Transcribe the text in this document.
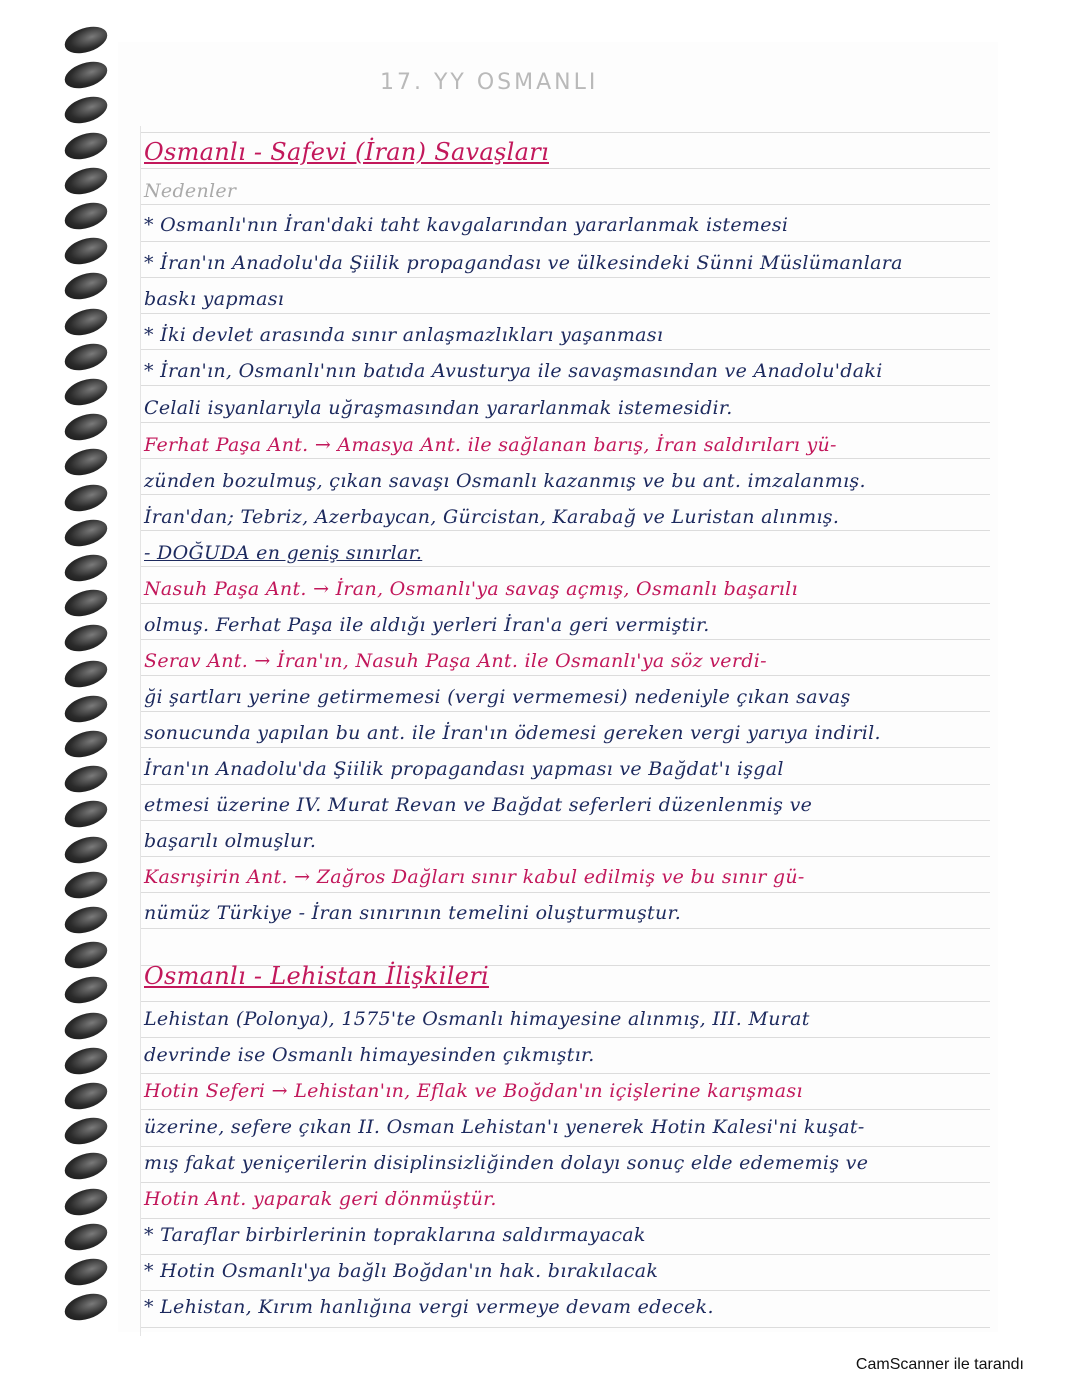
17. YY OSMANLI
Osmanlı - Safevi (İran) Savaşları
Nedenler
* Osmanlı'nın İran'daki taht kavgalarından yararlanmak istemesi
* İran'ın Anadolu'da Şiilik propagandası ve ülkesindeki Sünni Müslümanlara
baskı yapması
* İki devlet arasında sınır anlaşmazlıkları yaşanması
* İran'ın, Osmanlı'nın batıda Avusturya ile savaşmasından ve Anadolu'daki
Celali isyanlarıyla uğraşmasından yararlanmak istemesidir.
Ferhat Paşa Ant. → Amasya Ant. ile sağlanan barış, İran saldırıları yü-
zünden bozulmuş, çıkan savaşı Osmanlı kazanmış ve bu ant. imzalanmış.
İran'dan; Tebriz, Azerbaycan, Gürcistan, Karabağ ve Luristan alınmış.
- DOĞUDA en geniş sınırlar.
Nasuh Paşa Ant. → İran, Osmanlı'ya savaş açmış, Osmanlı başarılı
olmuş. Ferhat Paşa ile aldığı yerleri İran'a geri vermiştir.
Serav Ant. → İran'ın, Nasuh Paşa Ant. ile Osmanlı'ya söz verdi-
ği şartları yerine getirmemesi (vergi vermemesi) nedeniyle çıkan savaş
sonucunda yapılan bu ant. ile İran'ın ödemesi gereken vergi yarıya indiril.
İran'ın Anadolu'da Şiilik propagandası yapması ve Bağdat'ı işgal
etmesi üzerine IV. Murat Revan ve Bağdat seferleri düzenlenmiş ve
başarılı olmuşlur.
Kasrışirin Ant. → Zağros Dağları sınır kabul edilmiş ve bu sınır gü-
nümüz Türkiye - İran sınırının temelini oluşturmuştur.
Osmanlı - Lehistan İlişkileri
Lehistan (Polonya), 1575'te Osmanlı himayesine alınmış, III. Murat
devrinde ise Osmanlı himayesinden çıkmıştır.
Hotin Seferi → Lehistan'ın, Eflak ve Boğdan'ın içişlerine karışması
üzerine, sefere çıkan II. Osman Lehistan'ı yenerek Hotin Kalesi'ni kuşat-
mış fakat yeniçerilerin disiplinsizliğinden dolayı sonuç elde edememiş ve
Hotin Ant. yaparak geri dönmüştür.
* Taraflar birbirlerinin topraklarına saldırmayacak
* Hotin Osmanlı'ya bağlı Boğdan'ın hak. bırakılacak
* Lehistan, Kırım hanlığına vergi vermeye devam edecek.
CamScanner ile tarandı
